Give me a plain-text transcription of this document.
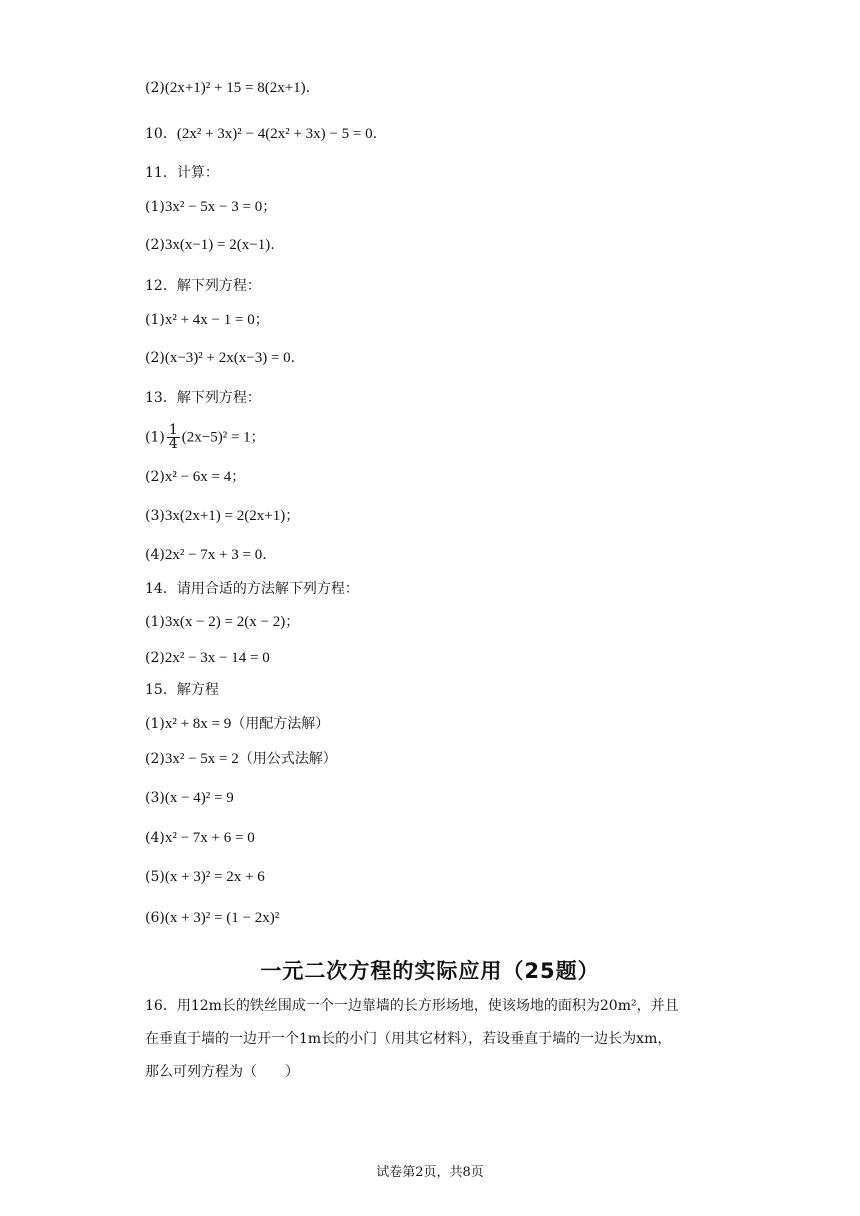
(2)(2x+1)² + 15 = 8(2x+1).
10．(2x² + 3x)² − 4(2x² + 3x) − 5 = 0.
11．计算：
(1)3x² − 5x − 3 = 0；
(2)3x(x−1) = 2(x−1).
12．解下列方程：
(1)x² + 4x − 1 = 0；
(2)(x−3)² + 2x(x−3) = 0.
13．解下列方程：
$(1) \frac{1}{4} (2x-5)^2 = 1$；
(2)x² − 6x = 4；
(3)3x(2x+1) = 2(2x+1)；
(4)2x² − 7x + 3 = 0.
14．请用合适的方法解下列方程：
(1)3x(x − 2) = 2(x − 2)；
(2)2x² − 3x − 14 = 0
15．解方程
(1)x² + 8x = 9（用配方法解）
(2)3x² − 5x = 2（用公式法解）
(3)(x − 4)² = 9
(4)x² − 7x + 6 = 0
(5)(x + 3)² = 2x + 6
(6)(x + 3)² = (1 − 2x)²
一元二次方程的实际应用（25题）
16．用12m长的铁丝围成一个一边靠墙的长方形场地，使该场地的面积为20m²，并且
在垂直于墙的一边开一个1m长的小门（用其它材料），若设垂直于墙的一边长为xm，
那么可列方程为（　　）
试卷第2页，共8页
